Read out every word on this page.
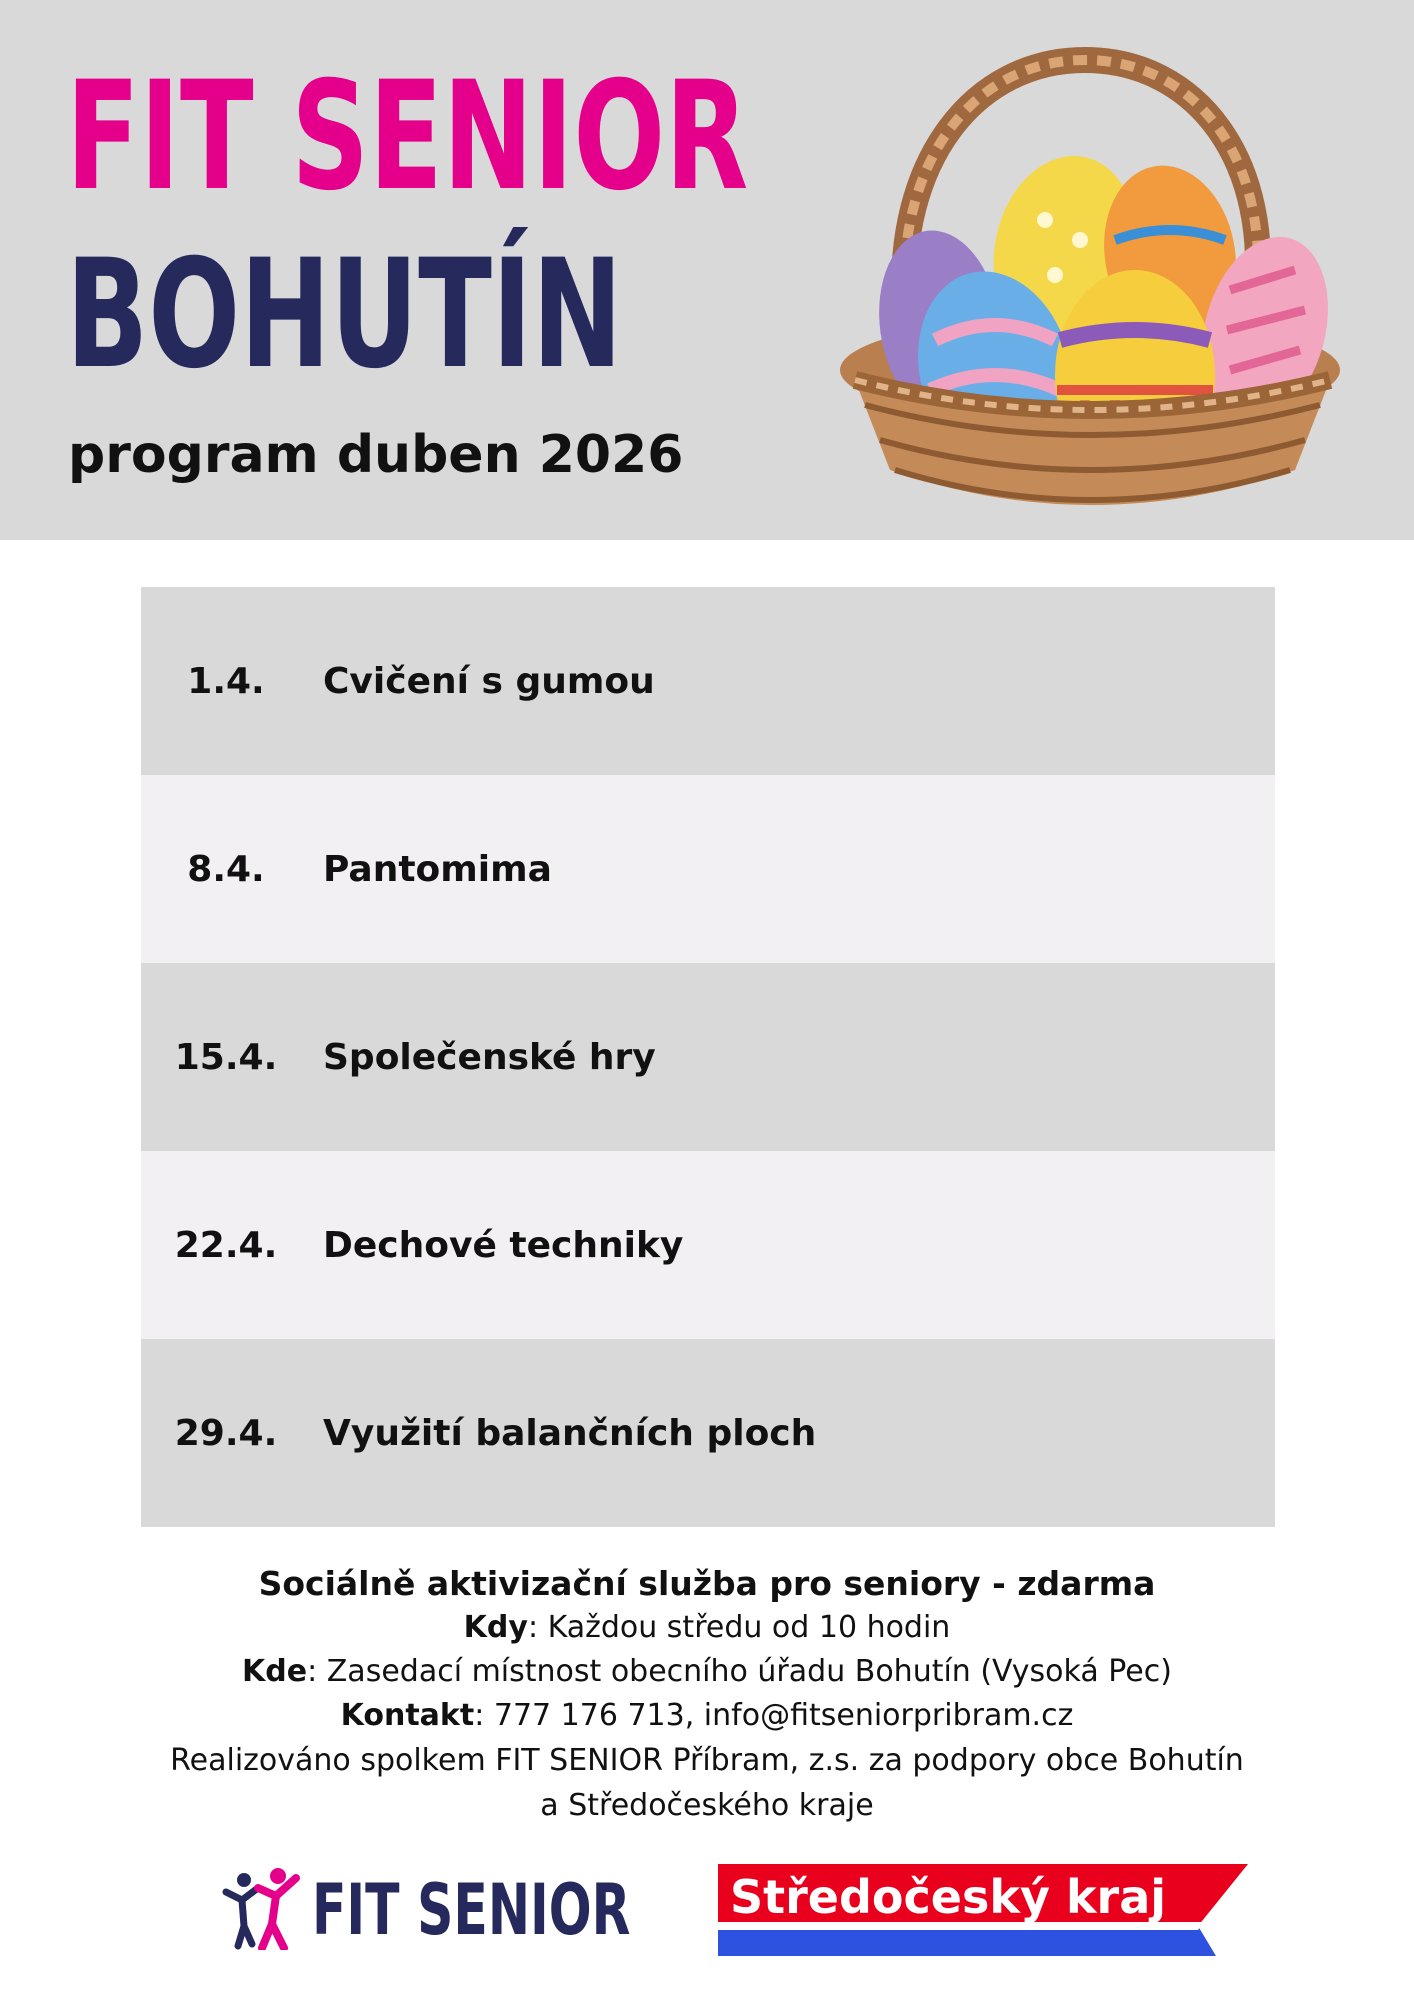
FIT SENIOR
BOHUTÍN
program duben 2026
1.4.	Cvičení s gumou
8.4.	Pantomima
15.4.	Společenské hry
22.4.	Dechové techniky
29.4.	Využití balančních ploch
Sociálně aktivizační služba pro seniory - zdarma
Kdy: Každou středu od 10 hodin
Kde: Zasedací místnost obecního úřadu Bohutín (Vysoká Pec)
Kontakt: 777 176 713, info@fitseniorpribram.cz
Realizováno spolkem FIT SENIOR Příbram, z.s. za podpory obce Bohutín a Středočeského kraje
FIT SENIOR Středočeský kraj
